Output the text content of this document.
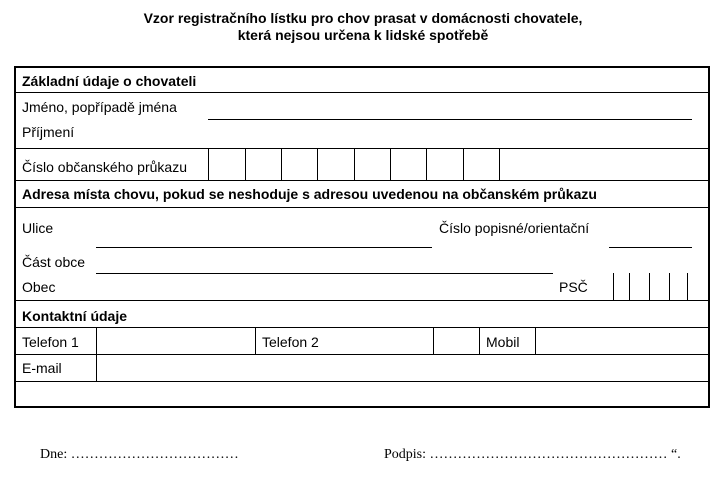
Vzor registračního lístku pro chov prasat v domácnosti chovatele,
která nejsou určena k lidské spotřebě
Základní údaje o chovateli
Jméno, popřípadě jména
Příjmení
Číslo občanského průkazu
Adresa místa chovu, pokud se neshoduje s adresou uvedenou na občanském průkazu
Ulice	Číslo popisné/orientační
Část obce
Obec	PSČ
Kontaktní údaje
Telefon 1	Telefon 2	Mobil
E-mail
Dne: ………………………………	Podpis: …………………………………………… “.
